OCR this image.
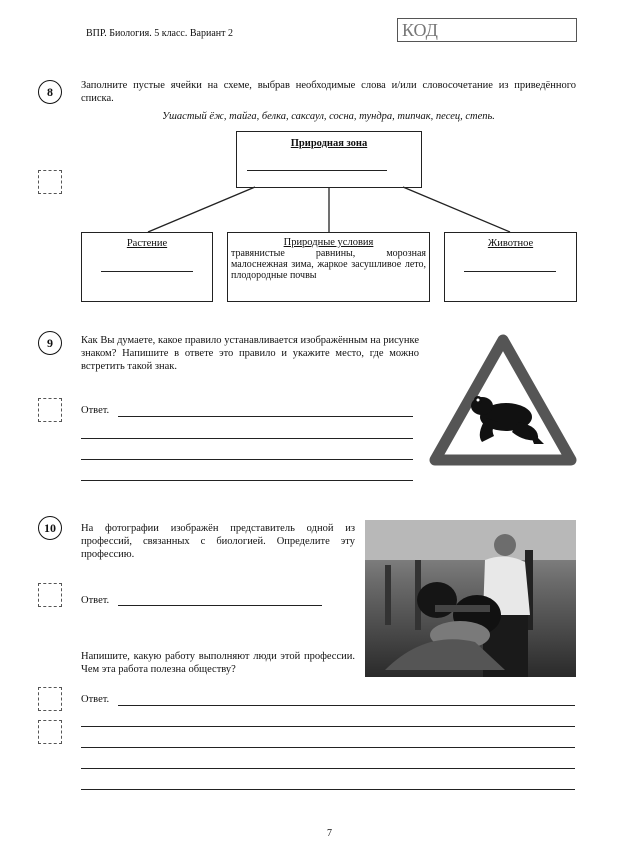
ВПР. Биология. 5 класс. Вариант 2	КОД
8	Заполните пустые ячейки на схеме, выбрав необходимые слова и/или словосочетание из приведённого списка.
Ушастый ёж, тайга, белка, саксаул, сосна, тундра, типчак, песец, степь.
Природная зона
Растение	Природные условия
травянистые равнины, морозная малоснежная зима, жаркое засушливое лето, плодородные почвы
Животное
9	Как Вы думаете, какое правило устанавливается изображённым на рисунке знаком? Напишите в ответе это правило и укажите место, где можно встретить такой знак.
Ответ.
10	На фотографии изображён представитель одной из профессий, связанных с биологией. Определите эту профессию.
Ответ.
Напишите, какую работу выполняют люди этой профессии. Чем эта работа полезна обществу?
Ответ.
7
